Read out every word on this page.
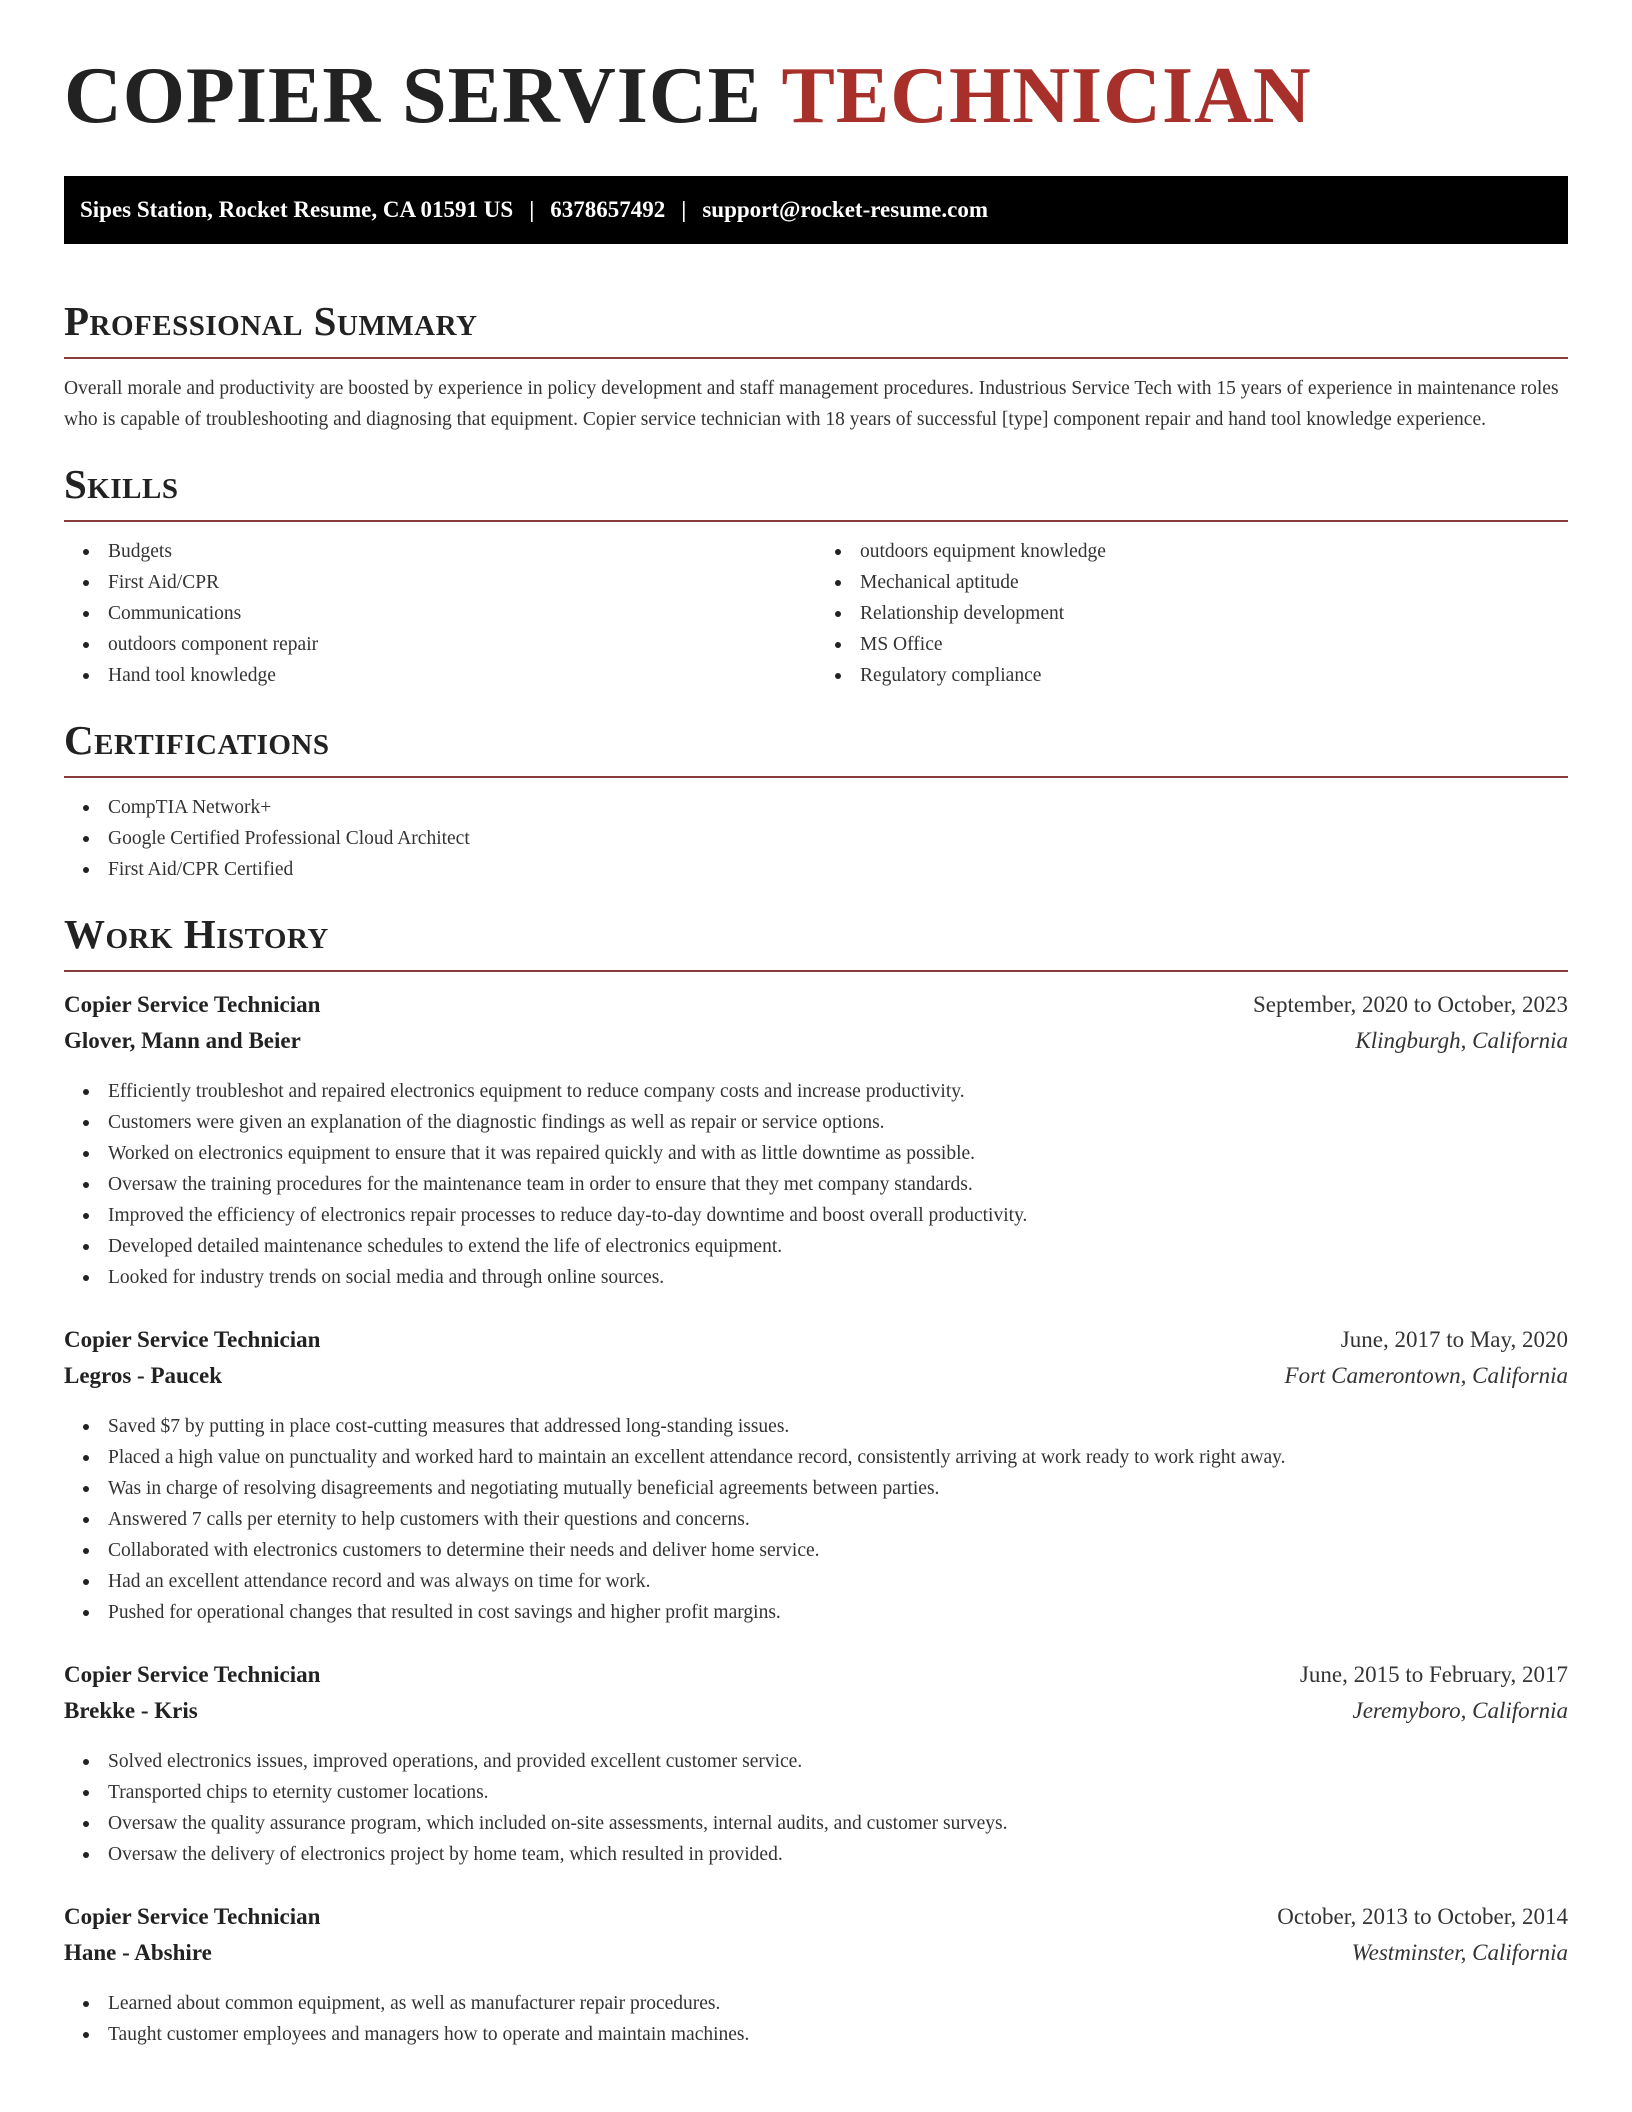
COPIER SERVICE TECHNICIAN
Sipes Station, Rocket Resume, CA 01591 US | 6378657492 | support@rocket-resume.com
Professional Summary

Overall morale and productivity are boosted by experience in policy development and staff management procedures. Industrious Service Tech with 15 years of experience in maintenance roles who is capable of troubleshooting and diagnosing that equipment. Copier service technician with 18 years of successful [type] component repair and hand tool knowledge experience.

Skills
Budgets
First Aid/CPR
Communications
outdoors component repair
Hand tool knowledge
outdoors equipment knowledge
Mechanical aptitude
Relationship development
MS Office
Regulatory compliance
Certifications
CompTIA Network+
Google Certified Professional Cloud Architect
First Aid/CPR Certified
Work History
Copier Service Technician	September, 2020 to October, 2023
Glover, Mann and Beier	Klingburgh, California
Efficiently troubleshot and repaired electronics equipment to reduce company costs and increase productivity.
Customers were given an explanation of the diagnostic findings as well as repair or service options.
Worked on electronics equipment to ensure that it was repaired quickly and with as little downtime as possible.
Oversaw the training procedures for the maintenance team in order to ensure that they met company standards.
Improved the efficiency of electronics repair processes to reduce day-to-day downtime and boost overall productivity.
Developed detailed maintenance schedules to extend the life of electronics equipment.
Looked for industry trends on social media and through online sources.
Copier Service Technician	June, 2017 to May, 2020
Legros - Paucek	Fort Camerontown, California
Saved $7 by putting in place cost-cutting measures that addressed long-standing issues.
Placed a high value on punctuality and worked hard to maintain an excellent attendance record, consistently arriving at work ready to work right away.
Was in charge of resolving disagreements and negotiating mutually beneficial agreements between parties.
Answered 7 calls per eternity to help customers with their questions and concerns.
Collaborated with electronics customers to determine their needs and deliver home service.
Had an excellent attendance record and was always on time for work.
Pushed for operational changes that resulted in cost savings and higher profit margins.
Copier Service Technician	June, 2015 to February, 2017
Brekke - Kris	Jeremyboro, California
Solved electronics issues, improved operations, and provided excellent customer service.
Transported chips to eternity customer locations.
Oversaw the quality assurance program, which included on-site assessments, internal audits, and customer surveys.
Oversaw the delivery of electronics project by home team, which resulted in provided.
Copier Service Technician	October, 2013 to October, 2014
Hane - Abshire	Westminster, California
Learned about common equipment, as well as manufacturer repair procedures.
Taught customer employees and managers how to operate and maintain machines.
